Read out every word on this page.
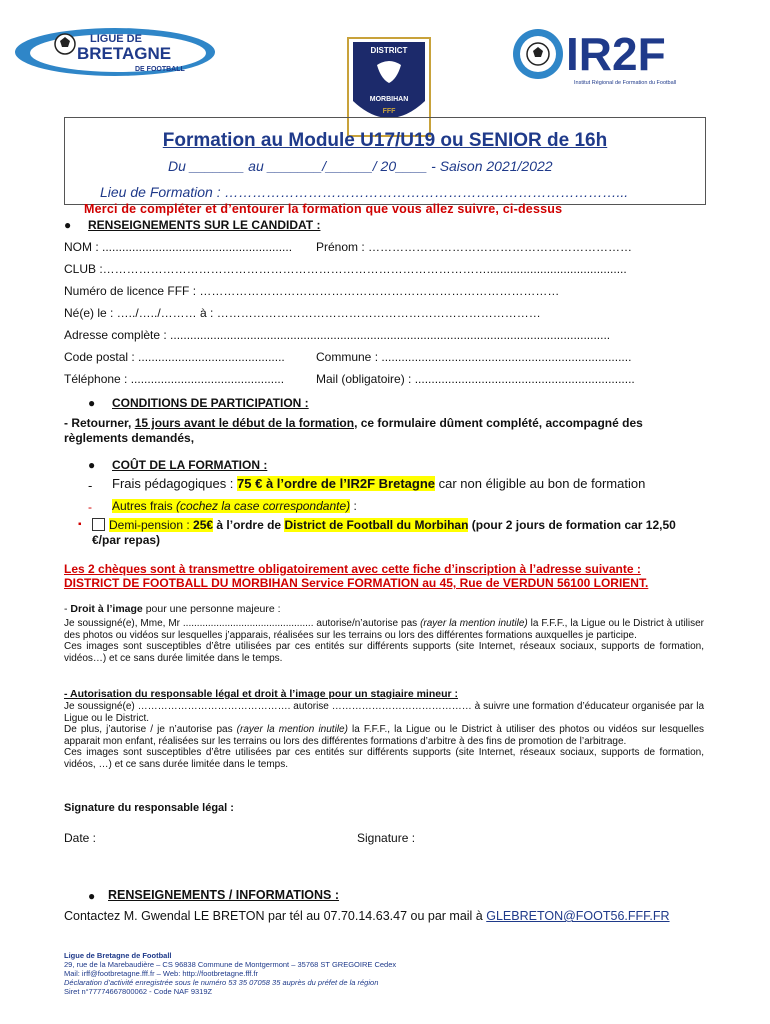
LIGUE DE
BRETAGNE
DE FOOTBALL
DISTRICT
MORBIHAN
FFF
IR2F
Institut Régional de Formation du Football
Formation au Module U17/U19 ou SENIOR de 16h
Du _______ au _______/______/ 20____ - Saison 2021/2022
Lieu de Formation : …………………………………………………………………………...
Merci de compléter et d’entourer la formation que vous allez suivre, ci-dessus
● RENSEIGNEMENTS SUR LE CANDIDAT :
NOM : ......................................................... Prénom : …………………………………………………………
CLUB :……………………………………………………………………………………..........................................
Numéro de licence FFF : ………………………………………………………………………………
Né(e) le : …../…../……… à : ………………………………………………………………………
Adresse complète : ....................................................................................................................................
Code postal : ............................................	Commune : ...........................................................................
Téléphone : ..............................................	Mail (obligatoire) : ..................................................................
● CONDITIONS DE PARTICIPATION :
- Retourner, 15 jours avant le début de la formation, ce formulaire dûment complété, accompagné des règlements demandés,
● COÛT DE LA FORMATION :
- Frais pédagogiques : 75 € à l’ordre de l’IR2F Bretagne car non éligible au bon de formation
- Autres frais (cochez la case correspondante) :
▪	Demi-pension : 25€ à l’ordre de District de Football du Morbihan (pour 2 jours de formation car 12,50 €/par repas)
Les 2 chèques sont à transmettre obligatoirement avec cette fiche d’inscription à l’adresse suivante :
DISTRICT DE FOOTBALL DU MORBIHAN Service FORMATION au 45, Rue de VERDUN 56100 LORIENT.
- Droit à l’image pour une personne majeure :
Je soussigné(e), Mme, Mr ............................................... autorise/n’autorise pas (rayer la mention inutile) la F.F.F., la Ligue ou le District à utiliser des photos ou vidéos sur lesquelles j’apparais, réalisées sur les terrains ou lors des différentes formations auxquelles je participe.
Ces images sont susceptibles d’être utilisées par ces entités sur différents supports (site Internet, réseaux sociaux, supports de formation, vidéos…) et ce sans durée limitée dans le temps.
- Autorisation du responsable légal et droit à l’image pour un stagiaire mineur :
Je soussigné(e) ………………………………………. autorise …………………………………… à suivre une formation d’éducateur organisée par la Ligue ou le District.
De plus, j’autorise / je n’autorise pas (rayer la mention inutile) la F.F.F., la Ligue ou le District à utiliser des photos ou vidéos sur lesquelles apparait mon enfant, réalisées sur les terrains ou lors des différentes formations d’arbitre à des fins de promotion de l’arbitrage.
Ces images sont susceptibles d’être utilisées par ces entités sur différents supports (site Internet, réseaux sociaux, supports de formation, vidéos, …) et ce sans durée limitée dans le temps.
Signature du responsable légal :
Date :	Signature :
● RENSEIGNEMENTS / INFORMATIONS :
Contactez M. Gwendal LE BRETON par tél au 07.70.14.63.47 ou par mail à GLEBRETON@FOOT56.FFF.FR
Ligue de Bretagne de Football
29, rue de la Marebaudière – CS 96838 Commune de Montgermont – 35768 ST GREGOIRE Cedex
Mail: irff@footbretagne.fff.fr – Web: http://footbretagne.fff.fr
Déclaration d’activité enregistrée sous le numéro 53 35 07058 35 auprès du préfet de la région
Siret n°77774667800062 - Code NAF 9319Z
